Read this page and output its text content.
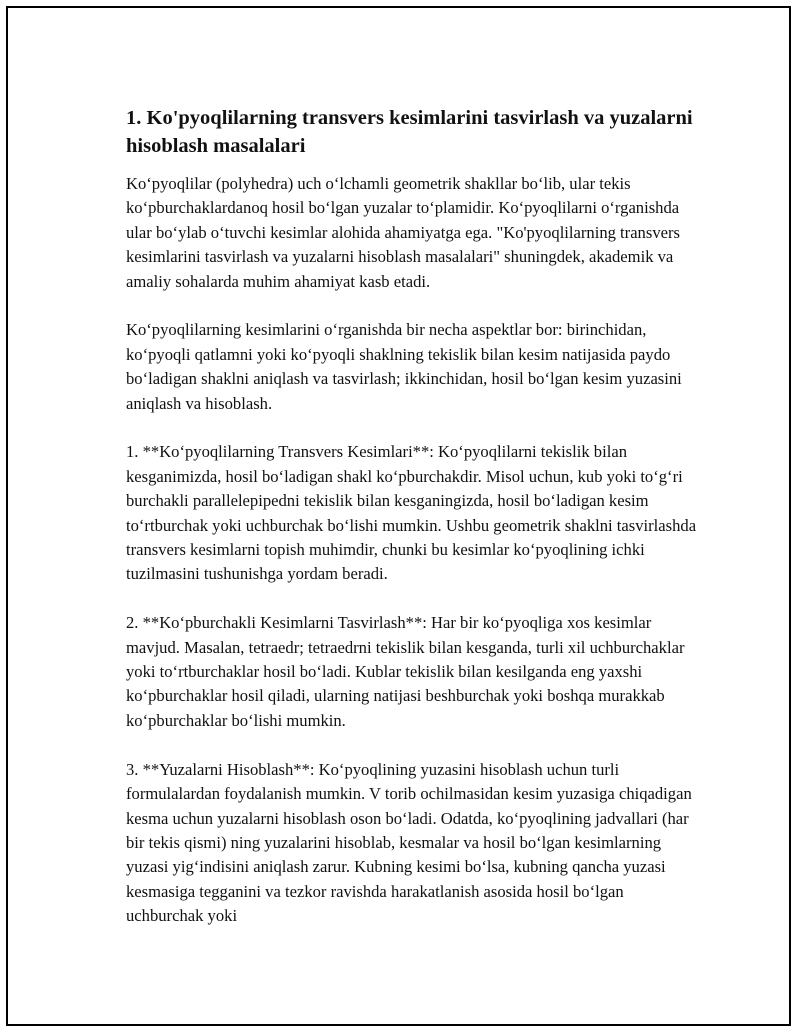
1. Ko'pyoqlilarning transvers kesimlarini tasvirlash va yuzalarni hisoblash masalalari

Ko‘pyoqlilar (polyhedra) uch o‘lchamli geometrik shakllar bo‘lib, ular tekis ko‘pburchaklardanoq hosil bo‘lgan yuzalar to‘plamidir. Ko‘pyoqlilarni o‘rganishda ular bo‘ylab o‘tuvchi kesimlar alohida ahamiyatga ega. "Ko'pyoqlilarning transvers kesimlarini tasvirlash va yuzalarni hisoblash masalalari" shuningdek, akademik va amaliy sohalarda muhim ahamiyat kasb etadi.

Ko‘pyoqlilarning kesimlarini o‘rganishda bir necha aspektlar bor: birinchidan, ko‘pyoqli qatlamni yoki ko‘pyoqli shaklning tekislik bilan kesim natijasida paydo bo‘ladigan shaklni aniqlash va tasvirlash; ikkinchidan, hosil bo‘lgan kesim yuzasini aniqlash va hisoblash.

1. **Ko‘pyoqlilarning Transvers Kesimlari**: Ko‘pyoqlilarni tekislik bilan kesganimizda, hosil bo‘ladigan shakl ko‘pburchakdir. Misol uchun, kub yoki to‘g‘ri burchakli parallelepipedni tekislik bilan kesganingizda, hosil bo‘ladigan kesim to‘rtburchak yoki uchburchak bo‘lishi mumkin. Ushbu geometrik shaklni tasvirlashda transvers kesimlarni topish muhimdir, chunki bu kesimlar ko‘pyoqlining ichki tuzilmasini tushunishga yordam beradi.

2. **Ko‘pburchakli Kesimlarni Tasvirlash**: Har bir ko‘pyoqliga xos kesimlar mavjud. Masalan, tetraedr; tetraedrni tekislik bilan kesganda, turli xil uchburchaklar yoki to‘rtburchaklar hosil bo‘ladi. Kublar tekislik bilan kesilganda eng yaxshi ko‘pburchaklar hosil qiladi, ularning natijasi beshburchak yoki boshqa murakkab ko‘pburchaklar bo‘lishi mumkin.

3. **Yuzalarni Hisoblash**: Ko‘pyoqlining yuzasini hisoblash uchun turli formulalardan foydalanish mumkin. V torib ochilmasidan kesim yuzasiga chiqadigan kesma uchun yuzalarni hisoblash oson bo‘ladi. Odatda, ko‘pyoqlining jadvallari (har bir tekis qismi) ning yuzalarini hisoblab, kesmalar va hosil bo‘lgan kesimlarning yuzasi yig‘indisini aniqlash zarur. Kubning kesimi bo‘lsa, kubning qancha yuzasi kesmasiga tegganini va tezkor ravishda harakatlanish asosida hosil bo‘lgan uchburchak yoki
